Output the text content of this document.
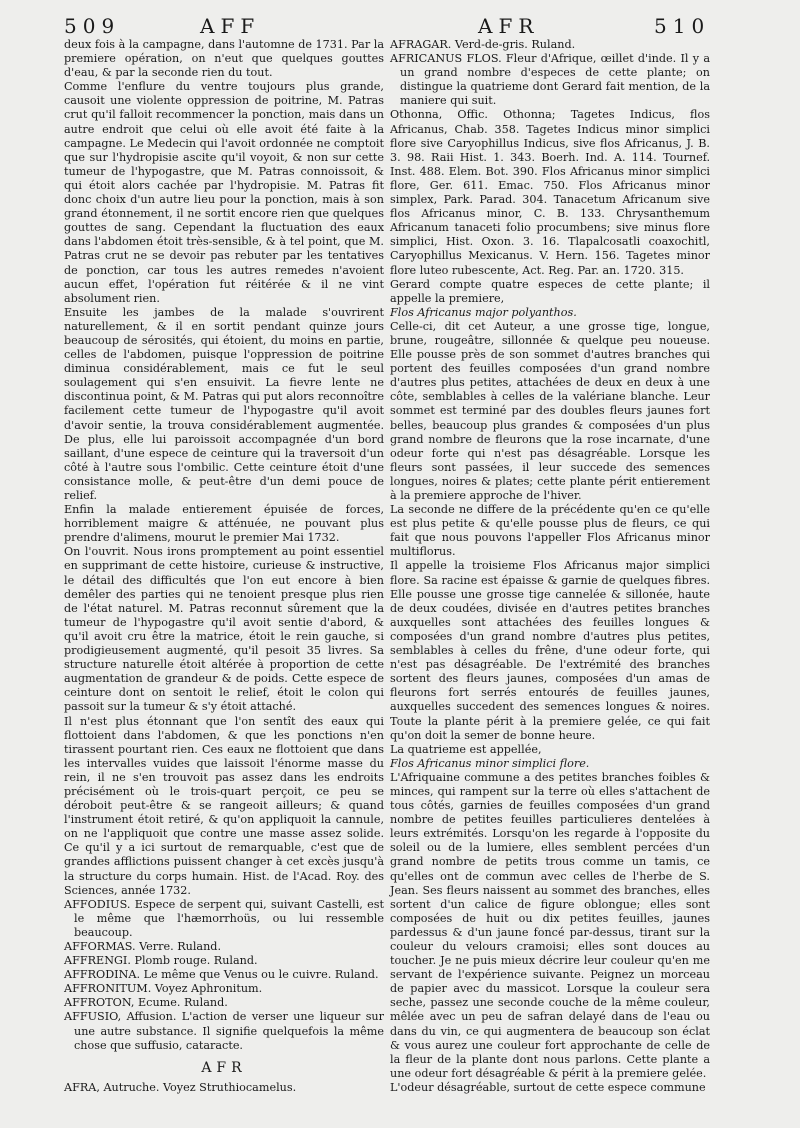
509	AFF	AFR	510

deux fois à la campagne, dans l'automne de 1731. Par la premiere opération, on n'eut que quelques gouttes d'eau, & par la seconde rien du tout.

Comme l'enflure du ventre toujours plus grande, causoit une violente oppression de poitrine, M. Patras crut qu'il falloit recommencer la ponction, mais dans un autre endroit que celui où elle avoit été faite à la campagne. Le Medecin qui l'avoit ordonnée ne comptoit que sur l'hydropisie ascite qu'il voyoit, & non sur cette tumeur de l'hypogastre, que M. Patras connoissoit, & qui étoit alors cachée par l'hydropisie. M. Patras fit donc choix d'un autre lieu pour la ponction, mais à son grand étonnement, il ne sortit encore rien que quelques gouttes de sang. Cependant la fluctuation des eaux dans l'abdomen étoit très-sensible, & à tel point, que M. Patras crut ne se devoir pas rebuter par les tentatives de ponction, car tous les autres remedes n'avoient aucun effet, l'opération fut réitérée & il ne vint absolument rien.

Ensuite les jambes de la malade s'ouvrirent naturellement, & il en sortit pendant quinze jours beaucoup de sérosités, qui étoient, du moins en partie, celles de l'abdomen, puisque l'oppression de poitrine diminua considérablement, mais ce fut le seul soulagement qui s'en ensuivit. La fievre lente ne discontinua point, & M. Patras qui put alors reconnoître facilement cette tumeur de l'hypogastre qu'il avoit d'avoir sentie, la trouva considérablement augmentée. De plus, elle lui paroissoit accompagnée d'un bord saillant, d'une espece de ceinture qui la traversoit d'un côté à l'autre sous l'ombilic. Cette ceinture étoit d'une consistance molle, & peut-être d'un demi pouce de relief.

Enfin la malade entierement épuisée de forces, horriblement maigre & atténuée, ne pouvant plus prendre d'alimens, mourut le premier Mai 1732.

On l'ouvrit. Nous irons promptement au point essentiel en supprimant de cette histoire, curieuse & instructive, le détail des difficultés que l'on eut encore à bien demêler des parties qui ne tenoient presque plus rien de l'état naturel. M. Patras reconnut sûrement que la tumeur de l'hypogastre qu'il avoit sentie d'abord, & qu'il avoit cru être la matrice, étoit le rein gauche, si prodigieusement augmenté, qu'il pesoit 35 livres. Sa structure naturelle étoit altérée à proportion de cette augmentation de grandeur & de poids. Cette espece de ceinture dont on sentoit le relief, étoit le colon qui passoit sur la tumeur & s'y étoit attaché.

Il n'est plus étonnant que l'on sentît des eaux qui flottoient dans l'abdomen, & que les ponctions n'en tirassent pourtant rien. Ces eaux ne flottoient que dans les intervalles vuides que laissoit l'énorme masse du rein, il ne s'en trouvoit pas assez dans les endroits précisément où le trois-quart perçoit, ce peu se déroboit peut-être & se rangeoit ailleurs; & quand l'instrument étoit retiré, & qu'on appliquoit la cannule, on ne l'appliquoit que contre une masse assez solide. Ce qu'il y a ici surtout de remarquable, c'est que de grandes afflictions puissent changer à cet excès jusqu'à la structure du corps humain. Hist. de l'Acad. Roy. des Sciences, année 1732.

AFFODIUS. Espece de serpent qui, suivant Castelli, est le même que l'hæmorrhoüs, ou lui ressemble beaucoup.

AFFORMAS. Verre. Ruland.

AFFRENGI. Plomb rouge. Ruland.

AFFRODINA. Le même que Venus ou le cuivre. Ruland.

AFFRONITUM. Voyez Aphronitum.

AFFROTON, Ecume. Ruland.

AFFUSIO, Affusion. L'action de verser une liqueur sur une autre substance. Il signifie quelquefois la même chose que suffusio, cataracte.

AFR

AFRA, Autruche. Voyez Struthiocamelus.

AFRAGAR. Verd-de-gris. Ruland.

AFRICANUS FLOS. Fleur d'Afrique, œillet d'inde. Il y a un grand nombre d'especes de cette plante; on distingue la quatrieme dont Gerard fait mention, de la maniere qui suit.

Othonna, Offic. Othonna; Tagetes Indicus, flos Africanus, Chab. 358. Tagetes Indicus minor simplici flore sive Caryophillus Indicus, sive flos Africanus, J. B. 3. 98. Raii Hist. 1. 343. Boerh. Ind. A. 114. Tournef. Inst. 488. Elem. Bot. 390. Flos Africanus minor simplici flore, Ger. 611. Emac. 750. Flos Africanus minor simplex, Park. Parad. 304. Tanacetum Africanum sive flos Africanus minor, C. B. 133. Chrysanthemum Africanum tanaceti folio procumbens; sive minus flore simplici, Hist. Oxon. 3. 16. Tlapalcosatli coaxochitl, Caryophillus Mexicanus. V. Hern. 156. Tagetes minor flore luteo rubescente, Act. Reg. Par. an. 1720. 315.

Gerard compte quatre especes de cette plante; il appelle la premiere,

Flos Africanus major polyanthos.

Celle-ci, dit cet Auteur, a une grosse tige, longue, brune, rougeâtre, sillonnée & quelque peu noueuse. Elle pousse près de son sommet d'autres branches qui portent des feuilles composées d'un grand nombre d'autres plus petites, attachées de deux en deux à une côte, semblables à celles de la valériane blanche. Leur sommet est terminé par des doubles fleurs jaunes fort belles, beaucoup plus grandes & composées d'un plus grand nombre de fleurons que la rose incarnate, d'une odeur forte qui n'est pas désagréable. Lorsque les fleurs sont passées, il leur succede des semences longues, noires & plates; cette plante périt entierement à la premiere approche de l'hiver.

La seconde ne differe de la précédente qu'en ce qu'elle est plus petite & qu'elle pousse plus de fleurs, ce qui fait que nous pouvons l'appeller Flos Africanus minor multiflorus.

Il appelle la troisieme Flos Africanus major simplici flore. Sa racine est épaisse & garnie de quelques fibres. Elle pousse une grosse tige cannelée & sillonée, haute de deux coudées, divisée en d'autres petites branches auxquelles sont attachées des feuilles longues & composées d'un grand nombre d'autres plus petites, semblables à celles du frêne, d'une odeur forte, qui n'est pas désagréable. De l'extrémité des branches sortent des fleurs jaunes, composées d'un amas de fleurons fort serrés entourés de feuilles jaunes, auxquelles succedent des semences longues & noires. Toute la plante périt à la premiere gelée, ce qui fait qu'on doit la semer de bonne heure.

La quatrieme est appellée,

Flos Africanus minor simplici flore.

L'Afriquaine commune a des petites branches foibles & minces, qui rampent sur la terre où elles s'attachent de tous côtés, garnies de feuilles composées d'un grand nombre de petites feuilles particulieres dentelées à leurs extrémités. Lorsqu'on les regarde à l'opposite du soleil ou de la lumiere, elles semblent percées d'un grand nombre de petits trous comme un tamis, ce qu'elles ont de commun avec celles de l'herbe de S. Jean. Ses fleurs naissent au sommet des branches, elles sortent d'un calice de figure oblongue; elles sont composées de huit ou dix petites feuilles, jaunes pardessus & d'un jaune foncé par-dessus, tirant sur la couleur du velours cramoisi; elles sont douces au toucher. Je ne puis mieux décrire leur couleur qu'en me servant de l'expérience suivante. Peignez un morceau de papier avec du massicot. Lorsque la couleur sera seche, passez une seconde couche de la même couleur, mêlée avec un peu de safran delayé dans de l'eau ou dans du vin, ce qui augmentera de beaucoup son éclat & vous aurez une couleur fort approchante de celle de la fleur de la plante dont nous parlons. Cette plante a une odeur fort désagréable & périt à la premiere gelée.

L'odeur désagréable, surtout de cette espece commune
